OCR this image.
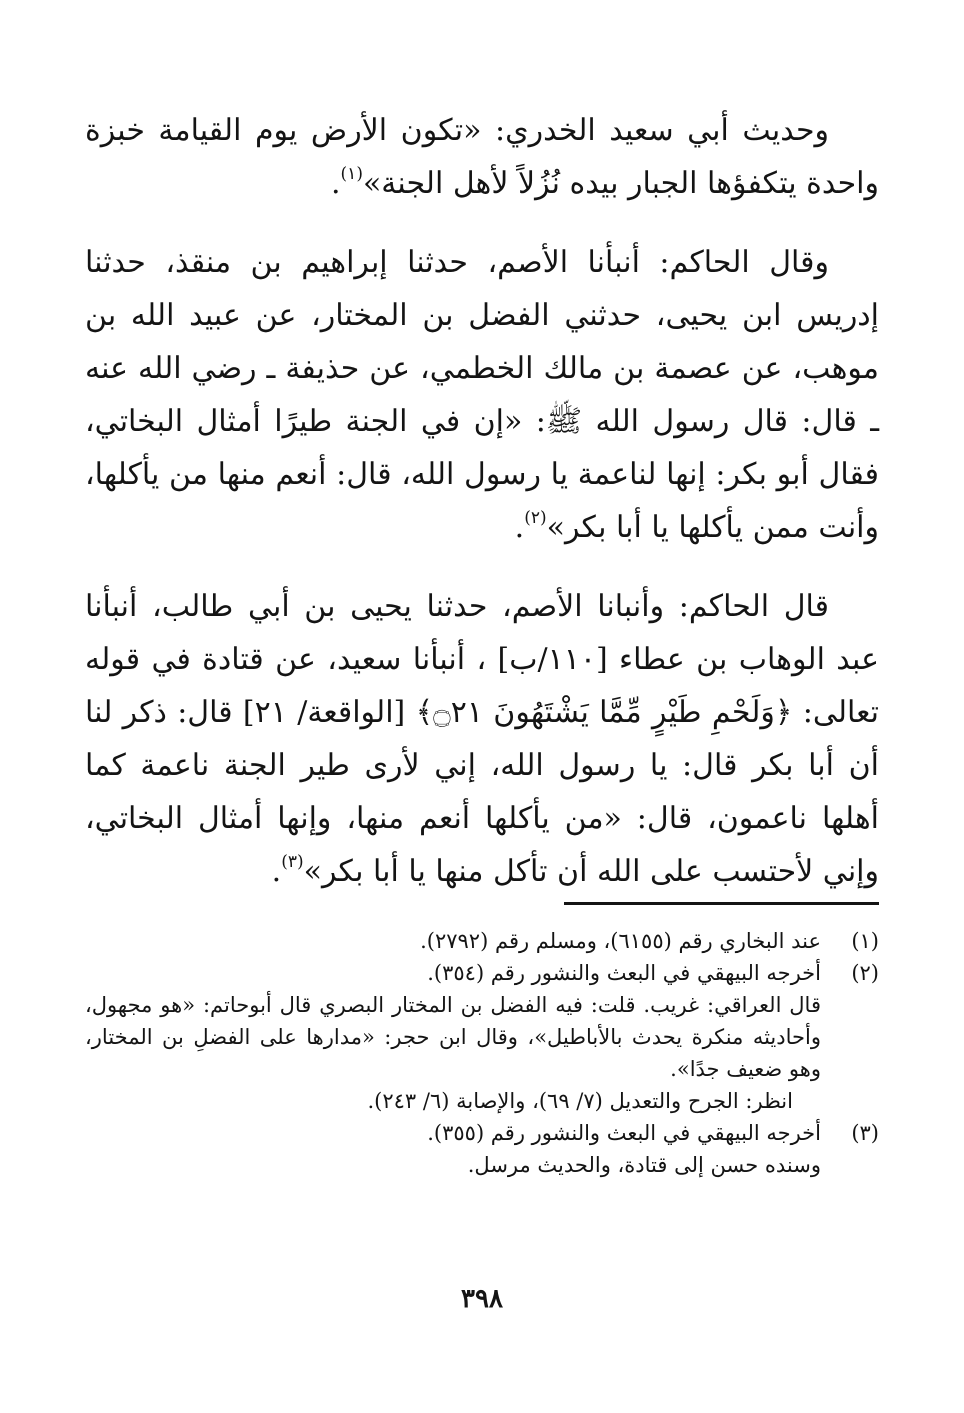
وحديث أبي سعيد الخدري: «تكون الأرض يوم القيامة خبزة واحدة يتكفؤها الجبار بيده نُزُلاً لأهل الجنة»$^{(١)}$.

وقال الحاكم: أنبأنا الأصم، حدثنا إبراهيم بن منقذ، حدثنا إدريس ابن يحيى، حدثني الفضل بن المختار، عن عبيد الله بن موهب، عن عصمة بن مالك الخطمي، عن حذيفة ـ رضي الله عنه ـ قال: قال رسول الله ﷺ: «إن في الجنة طيرًا أمثال البخاتي، فقال أبو بكر: إنها لناعمة يا رسول الله، قال: أنعم منها من يأكلها، وأنت ممن يأكلها يا أبا بكر»$^{(٢)}$.

قال الحاكم: وأنبانا الأصم، حدثنا يحيى بن أبي طالب، أنبأنا عبد الوهاب بن عطاء [١١٠/ب] ، أنبأنا سعيد، عن قتادة في قوله تعالى: ﴿وَلَحْمِ طَيْرٍ مِّمَّا يَشْتَهُونَ ۝٢١﴾ [الواقعة/ ٢١] قال: ذكر لنا أن أبا بكر قال: يا رسول الله، إني لأرى طير الجنة ناعمة كما أهلها ناعمون، قال: «من يأكلها أنعم منها، وإنها أمثال البخاتي، وإني لأحتسب على الله أن تأكل منها يا أبا بكر»$^{(٣)}$.

(١)
عند البخاري رقم (٦١٥٥)، ومسلم رقم (٢٧٩٢).
(٢)
أخرجه البيهقي في البعث والنشور رقم (٣٥٤).
قال العراقي: غريب. قلت: فيه الفضل بن المختار البصري قال أبوحاتم: «هو مجهول، وأحاديثه منكرة يحدث بالأباطيل»، وقال ابن حجر: «مدارها على الفضلِ بن المختار، وهو ضعيف جدًا».
انظر: الجرح والتعديل (٧/ ٦٩)، والإصابة (٦/ ٢٤٣).
(٣)
أخرجه البيهقي في البعث والنشور رقم (٣٥٥).
وسنده حسن إلى قتادة، والحديث مرسل.
٣٩٨
